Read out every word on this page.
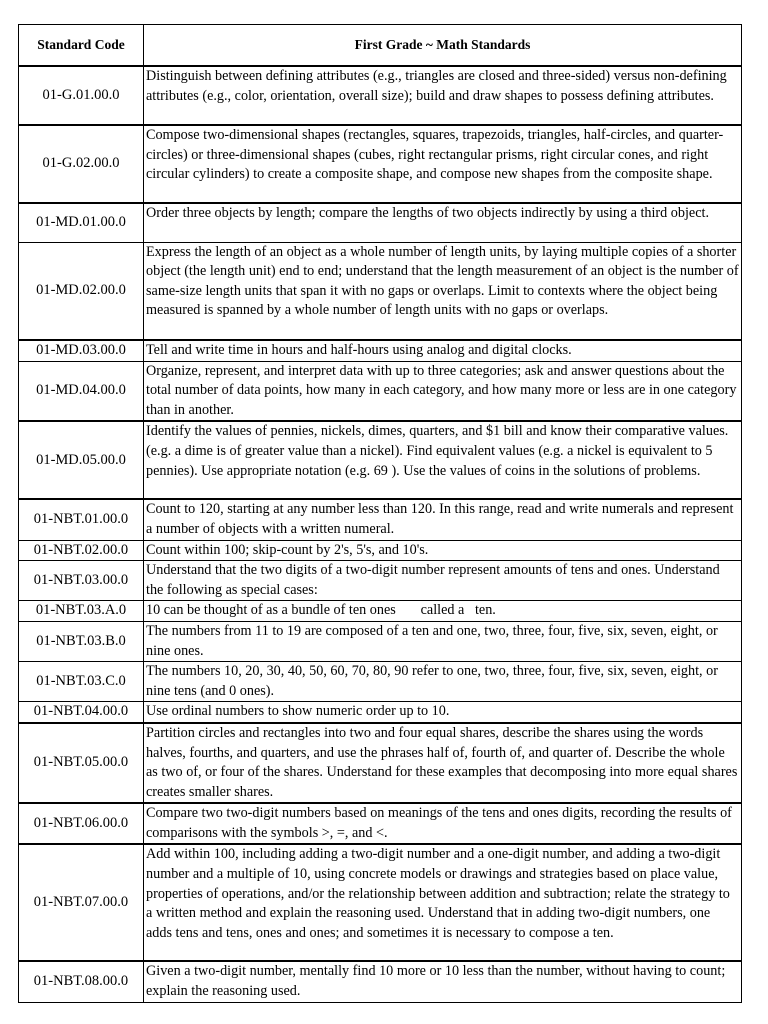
Standard Code	First Grade ~ Math Standards
01-G.01.00.0	Distinguish between defining attributes (e.g., triangles are closed and three-sided) versus non-defining attributes (e.g., color, orientation, overall size); build and draw shapes to possess defining attributes.
01-G.02.00.0	Compose two-dimensional shapes (rectangles, squares, trapezoids, triangles, half-circles, and quarter-circles) or three-dimensional shapes (cubes, right rectangular prisms, right circular cones, and right circular cylinders) to create a composite shape, and compose new shapes from the composite shape.
01-MD.01.00.0	Order three objects by length; compare the lengths of two objects indirectly by using a third object.
01-MD.02.00.0	Express the length of an object as a whole number of length units, by laying multiple copies of a shorter object (the length unit) end to end; understand that the length measurement of an object is the number of same-size length units that span it with no gaps or overlaps. Limit to contexts where the object being measured is spanned by a whole number of length units with no gaps or overlaps.
01-MD.03.00.0	Tell and write time in hours and half-hours using analog and digital clocks.
01-MD.04.00.0	Organize, represent, and interpret data with up to three categories; ask and answer questions about the total number of data points, how many in each category, and how many more or less are in one category than in another.
01-MD.05.00.0	Identify the values of pennies, nickels, dimes, quarters, and $1 bill and know their comparative values. (e.g. a dime is of greater value than a nickel). Find equivalent values (e.g. a nickel is equivalent to 5 pennies). Use appropriate notation (e.g. 69 ). Use the values of coins in the solutions of problems.
01-NBT.01.00.0	Count to 120, starting at any number less than 120. In this range, read and write numerals and represent a number of objects with a written numeral.
01-NBT.02.00.0	Count within 100; skip-count by 2's, 5's, and 10's.
01-NBT.03.00.0	Understand that the two digits of a two-digit number represent amounts of tens and ones. Understand the following as special cases:
01-NBT.03.A.0	10 can be thought of as a bundle of ten ones       called a   ten.
01-NBT.03.B.0	The numbers from 11 to 19 are composed of a ten and one, two, three, four, five, six, seven, eight, or nine ones.
01-NBT.03.C.0	The numbers 10, 20, 30, 40, 50, 60, 70, 80, 90 refer to one, two, three, four, five, six, seven, eight, or nine tens (and 0 ones).
01-NBT.04.00.0	Use ordinal numbers to show numeric order up to 10.
01-NBT.05.00.0	Partition circles and rectangles into two and four equal shares, describe the shares using the words halves, fourths, and quarters, and use the phrases half of, fourth of, and quarter of. Describe the whole as two of, or four of the shares. Understand for these examples that decomposing into more equal shares creates smaller shares.
01-NBT.06.00.0	Compare two two-digit numbers based on meanings of the tens and ones digits, recording the results of comparisons with the symbols >, =, and <.
01-NBT.07.00.0	Add within 100, including adding a two-digit number and a one-digit number, and adding a two-digit number and a multiple of 10, using concrete models or drawings and strategies based on place value, properties of operations, and/or the relationship between addition and subtraction; relate the strategy to a written method and explain the reasoning used. Understand that in adding two-digit numbers, one adds tens and tens, ones and ones; and sometimes it is necessary to compose a ten.
01-NBT.08.00.0	Given a two-digit number, mentally find 10 more or 10 less than the number, without having to count; explain the reasoning used.
